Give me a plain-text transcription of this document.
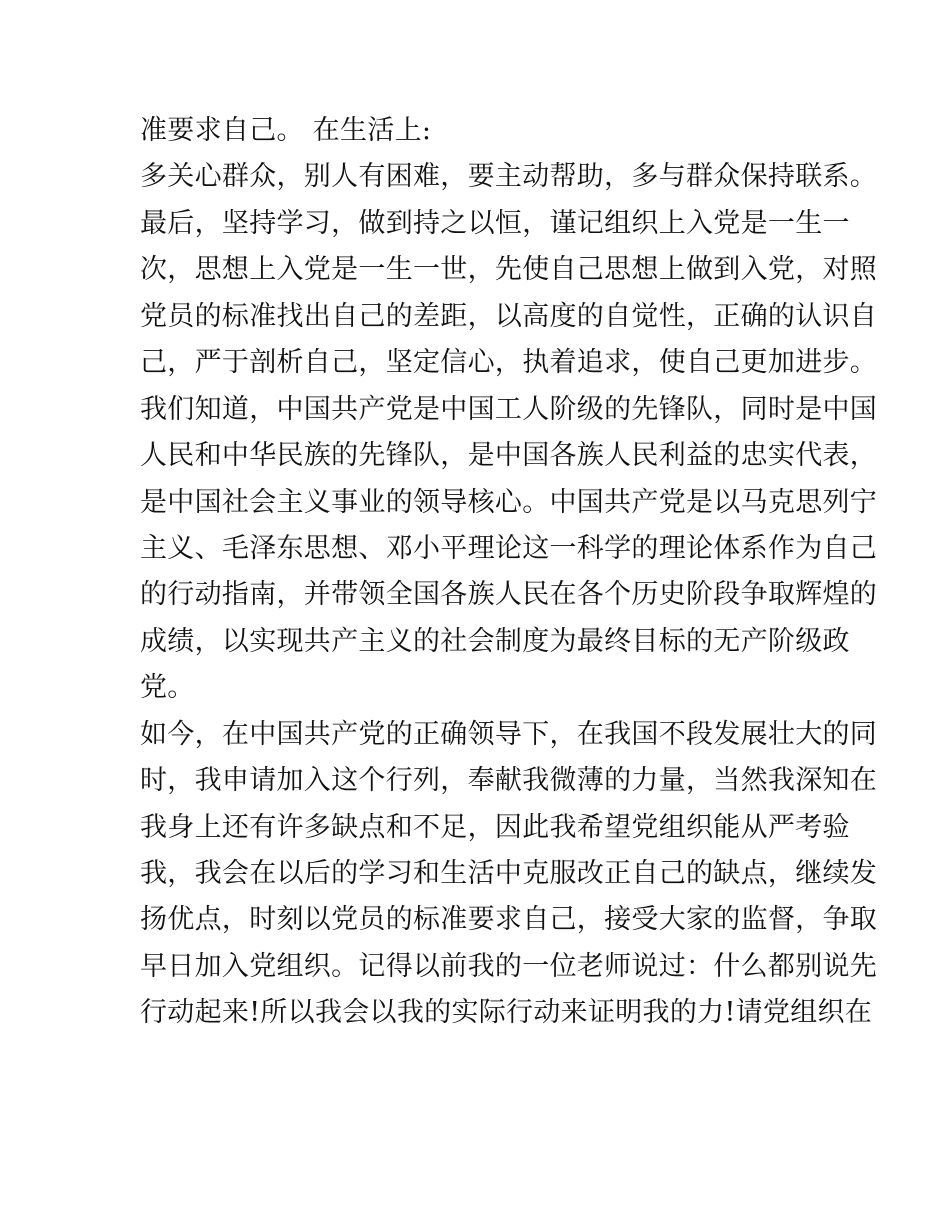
准要求自己。 在生活上:
多关心群众，别人有困难，要主动帮助，多与群众保持联系。
最后，坚持学习，做到持之以恒，谨记组织上入党是一生一
次，思想上入党是一生一世，先使自己思想上做到入党，对照
党员的标准找出自己的差距，以高度的自觉性，正确的认识自
己，严于剖析自己，坚定信心，执着追求，使自己更加进步。
我们知道，中国共产党是中国工人阶级的先锋队，同时是中国
人民和中华民族的先锋队，是中国各族人民利益的忠实代表，
是中国社会主义事业的领导核心。中国共产党是以马克思列宁
主义、毛泽东思想、邓小平理论这一科学的理论体系作为自己
的行动指南，并带领全国各族人民在各个历史阶段争取辉煌的
成绩，以实现共产主义的社会制度为最终目标的无产阶级政
党。
如今，在中国共产党的正确领导下，在我国不段发展壮大的同
时，我申请加入这个行列，奉献我微薄的力量，当然我深知在
我身上还有许多缺点和不足，因此我希望党组织能从严考验
我，我会在以后的学习和生活中克服改正自己的缺点，继续发
扬优点，时刻以党员的标准要求自己，接受大家的监督，争取
早日加入党组织。记得以前我的一位老师说过：什么都别说先
行动起来!所以我会以我的实际行动来证明我的力!请党组织在
